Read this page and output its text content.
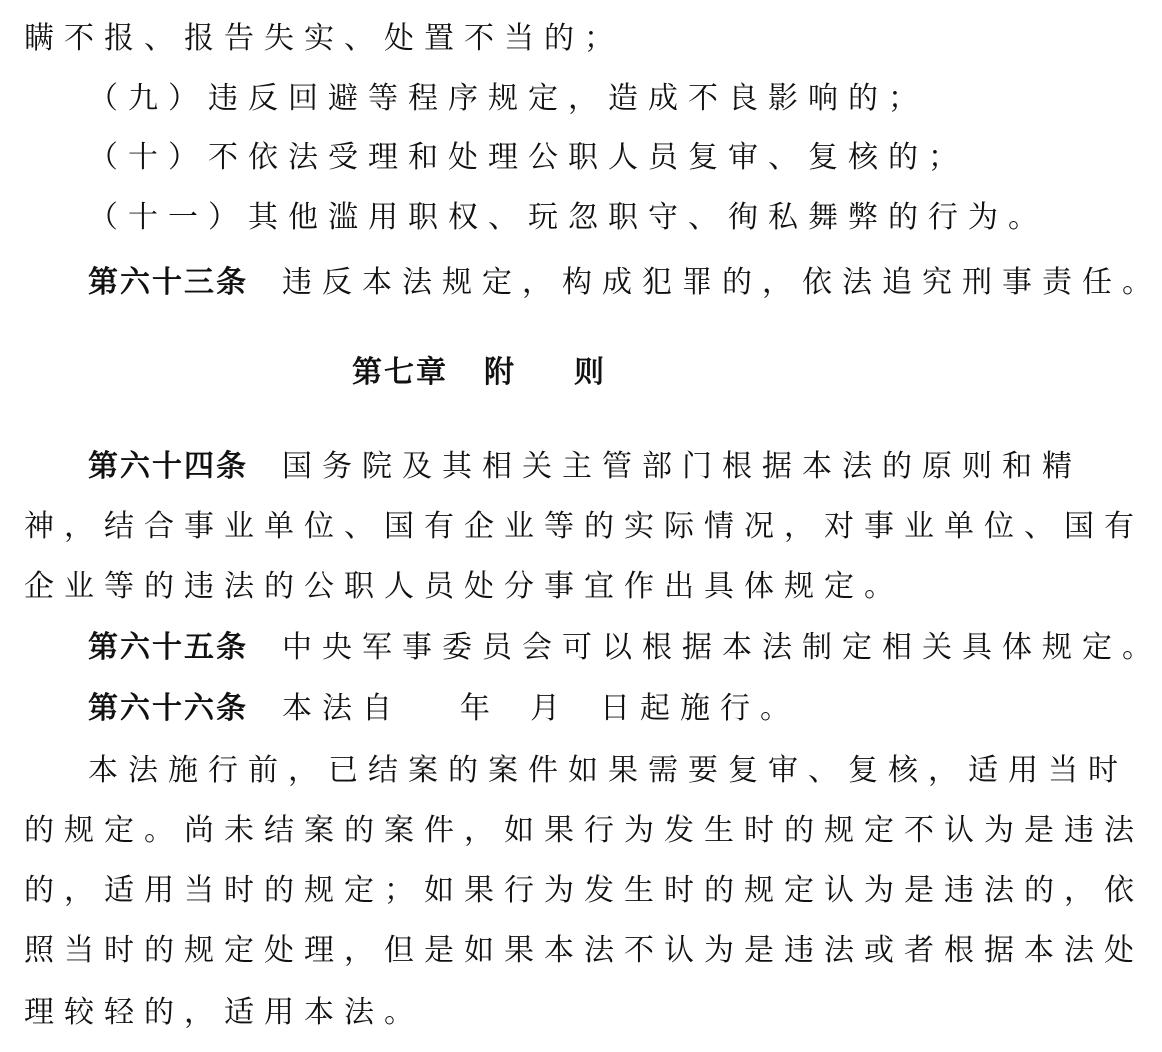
瞒不报、报告失实、处置不当的；
（九）违反回避等程序规定，造成不良影响的；
（十）不依法受理和处理公职人员复审、复核的；
（十一）其他滥用职权、玩忽职守、徇私舞弊的行为。
第六十三条 违反本法规定，构成犯罪的，依法追究刑事责任。
第七章 附 则
第六十四条 国务院及其相关主管部门根据本法的原则和精
神，结合事业单位、国有企业等的实际情况，对事业单位、国有
企业等的违法的公职人员处分事宜作出具体规定。
第六十五条 中央军事委员会可以根据本法制定相关具体规定。
第六十六条 本法自 年 月 日起施行。
本法施行前，已结案的案件如果需要复审、复核，适用当时
的规定。尚未结案的案件，如果行为发生时的规定不认为是违法
的，适用当时的规定；如果行为发生时的规定认为是违法的，依
照当时的规定处理，但是如果本法不认为是违法或者根据本法处
理较轻的，适用本法。
